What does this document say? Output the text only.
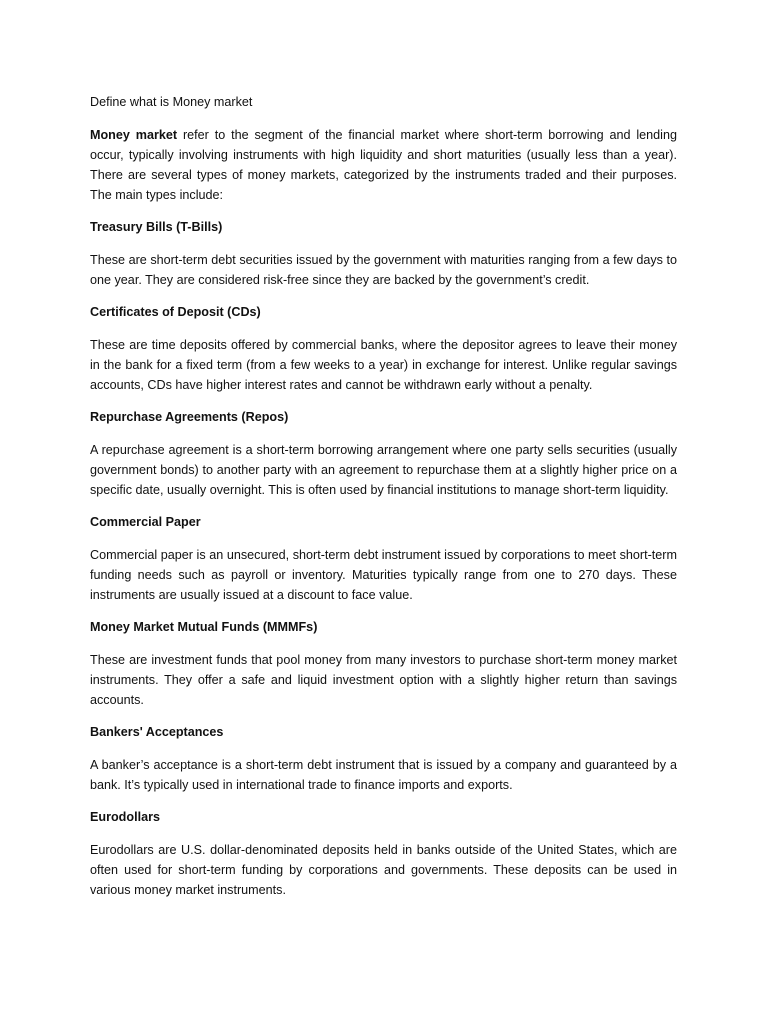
Define what is Money market

Money market refer to the segment of the financial market where short-term borrowing and lending occur, typically involving instruments with high liquidity and short maturities (usually less than a year). There are several types of money markets, categorized by the instruments traded and their purposes. The main types include:

Treasury Bills (T-Bills)

These are short-term debt securities issued by the government with maturities ranging from a few days to one year. They are considered risk-free since they are backed by the government’s credit.

Certificates of Deposit (CDs)

These are time deposits offered by commercial banks, where the depositor agrees to leave their money in the bank for a fixed term (from a few weeks to a year) in exchange for interest. Unlike regular savings accounts, CDs have higher interest rates and cannot be withdrawn early without a penalty.

Repurchase Agreements (Repos)

A repurchase agreement is a short-term borrowing arrangement where one party sells securities (usually government bonds) to another party with an agreement to repurchase them at a slightly higher price on a specific date, usually overnight. This is often used by financial institutions to manage short-term liquidity.

Commercial Paper

Commercial paper is an unsecured, short-term debt instrument issued by corporations to meet short-term funding needs such as payroll or inventory. Maturities typically range from one to 270 days. These instruments are usually issued at a discount to face value.

Money Market Mutual Funds (MMMFs)

These are investment funds that pool money from many investors to purchase short-term money market instruments. They offer a safe and liquid investment option with a slightly higher return than savings accounts.

Bankers' Acceptances

A banker’s acceptance is a short-term debt instrument that is issued by a company and guaranteed by a bank. It’s typically used in international trade to finance imports and exports.

Eurodollars

Eurodollars are U.S. dollar-denominated deposits held in banks outside of the United States, which are often used for short-term funding by corporations and governments. These deposits can be used in various money market instruments.
